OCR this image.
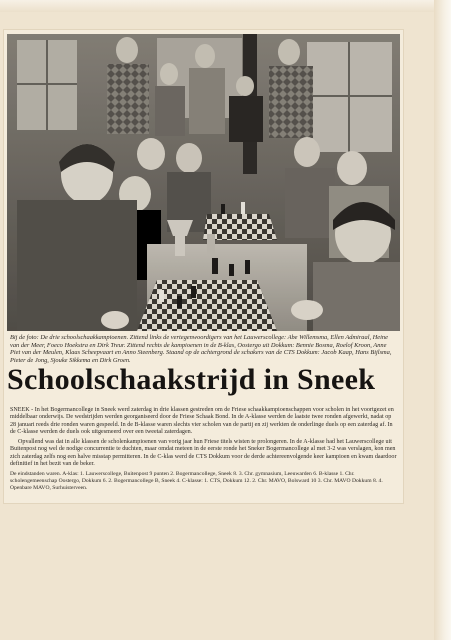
Bij de foto: De drie schoolschaakkampioenen. Zittend links de vertegenwoordigers van het Lauwerscollege: Abe Willemsma, Ellen Admiraal, Heine van der Meer, Foeco Hoekstra en Dirk Treur. Zittend rechts de kampioenen in de B-klas, Oostergo uit Dokkum: Bennie Bosma, Roelof Kroon, Anne Piet van der Meulen, Klaas Scheepvaart en Anno Steenberg. Staand op de achtergrond de schakers van de CTS Dokkum: Jacob Kaap, Hans Bijlsma, Pieter de Jong, Sjouke Sikkema en Dirk Groen.

Schoolschaakstrijd in Sneek

SNEEK - In het Bogermancollege in Sneek werd zaterdag in drie klassen gestreden om de Friese schaakkampioenschappen voor scholen in het voortgezet en middelbaar onderwijs. De wedstrijden werden georganiseerd door de Friese Schaak Bond. In de A-klasse werden de laatste twee ronden afgewerkt, nadat op 28 januari reeds drie ronden waren gespeeld. In de B-klasse waren slechts vier scholen van de partij en zij werkten de onderlinge duels op een zaterdag af. In de C-klasse werden de duels ook uitgesmeerd over een tweetal zaterdagen.

Opvallend was dat in alle klassen de scholenkampioenen van vorig jaar hun Friese titels wisten te prolongeren. In de A-klasse had het Lauwerscollege uit Buitenpost nog wel de nodige concurrentie te duchten, maar omdat meteen in de eerste ronde het Sneker Bogermancollege al met 3-2 was verslagen, kon men zich zaterdag zelfs nog een halve misstap permitteren. In de C-klas werd de CTS Dokkum voor de derde achtereenvolgende keer kampioen en kwam daardoor definitief in het bezit van de beker.

De eindstanden waren. A-klas: 1. Lauwerscollege, Buitenpost 9 punten 2. Bogermancollege, Sneek 8. 3. Chr. gymnasium, Leeuwarden 6. B-klasse 1. Chr. scholengemeenschap Oostergo, Dokkum 6. 2. Bogermancollege B, Sneek 4. C-klasse: 1. CTS, Dokkum 12. 2. Chr. MAVO, Bolsward 10 3. Chr. MAVO Dokkum 8. 4. Openbare MAVO, Surhuisterveen.
